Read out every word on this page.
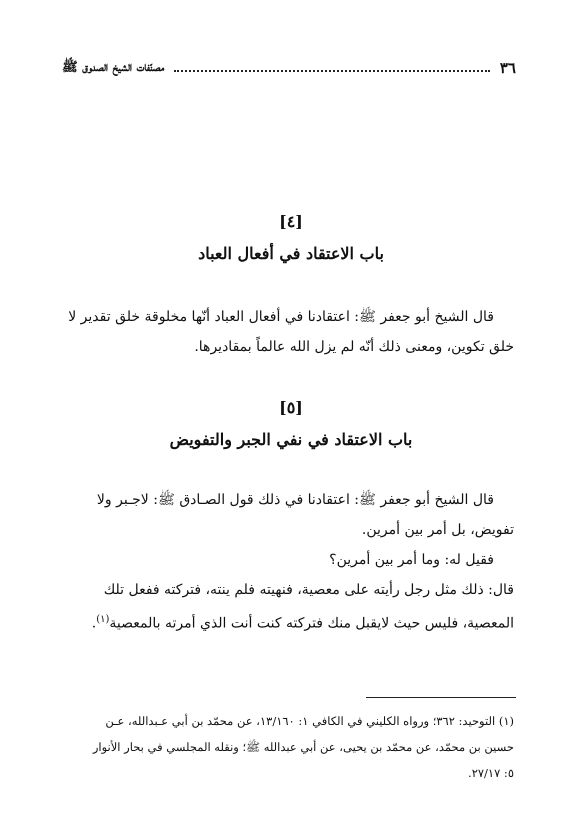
٣٦
مصنّفات الشيخ الصدوق ﷺ
[٤]
باب الاعتقاد في أفعال العباد
قال الشيخ أبو جعفر ﷺ: اعتقادنا في أفعال العباد أنّها مخلوقة خلق تقدير لا
خلق تكوين، ومعنى ذلك أنّه لم يزل الله عالماً بمقاديرها.
[٥]
باب الاعتقاد في نفي الجبر والتفويض
قال الشيخ أبو جعفر ﷺ: اعتقادنا في ذلك قول الصـادق ﷺ: لاجـبر ولا
تفويض، بل أمر بين أمرين.
فقيل له: وما أمر بين أمرين؟
قال: ذلك مثل رجل رأيته على معصية، فنهيته فلم ينته، فتركته ففعل تلك
المعصية، فليس حيث لايقبل منك فتركته كنت أنت الذي أمرته بالمعصية$^{(١)}$.
(١) التوحيد: ٣٦٢؛ ورواه الكليني في الكافي ١: ١٣/١٦٠، عن محمّد بن أبي عـبدالله، عـن
حسين بن محمّد، عن محمّد بن يحيى، عن أبي عبدالله ﷺ؛ ونقله المجلسي في بحار الأنوار
٥: ٢٧/١٧.
